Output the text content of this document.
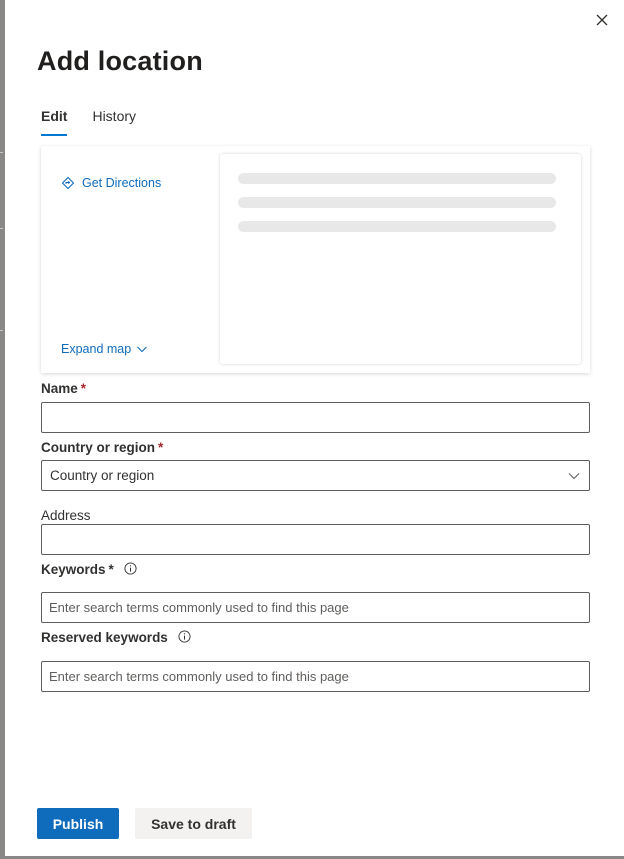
Add location
Edit History
Get Directions
Expand map
Name *
Country or region *
Country or region
Address
Keywords *
Enter search terms commonly used to find this page
Reserved keywords
Enter search terms commonly used to find this page
Publish	Save to draft
